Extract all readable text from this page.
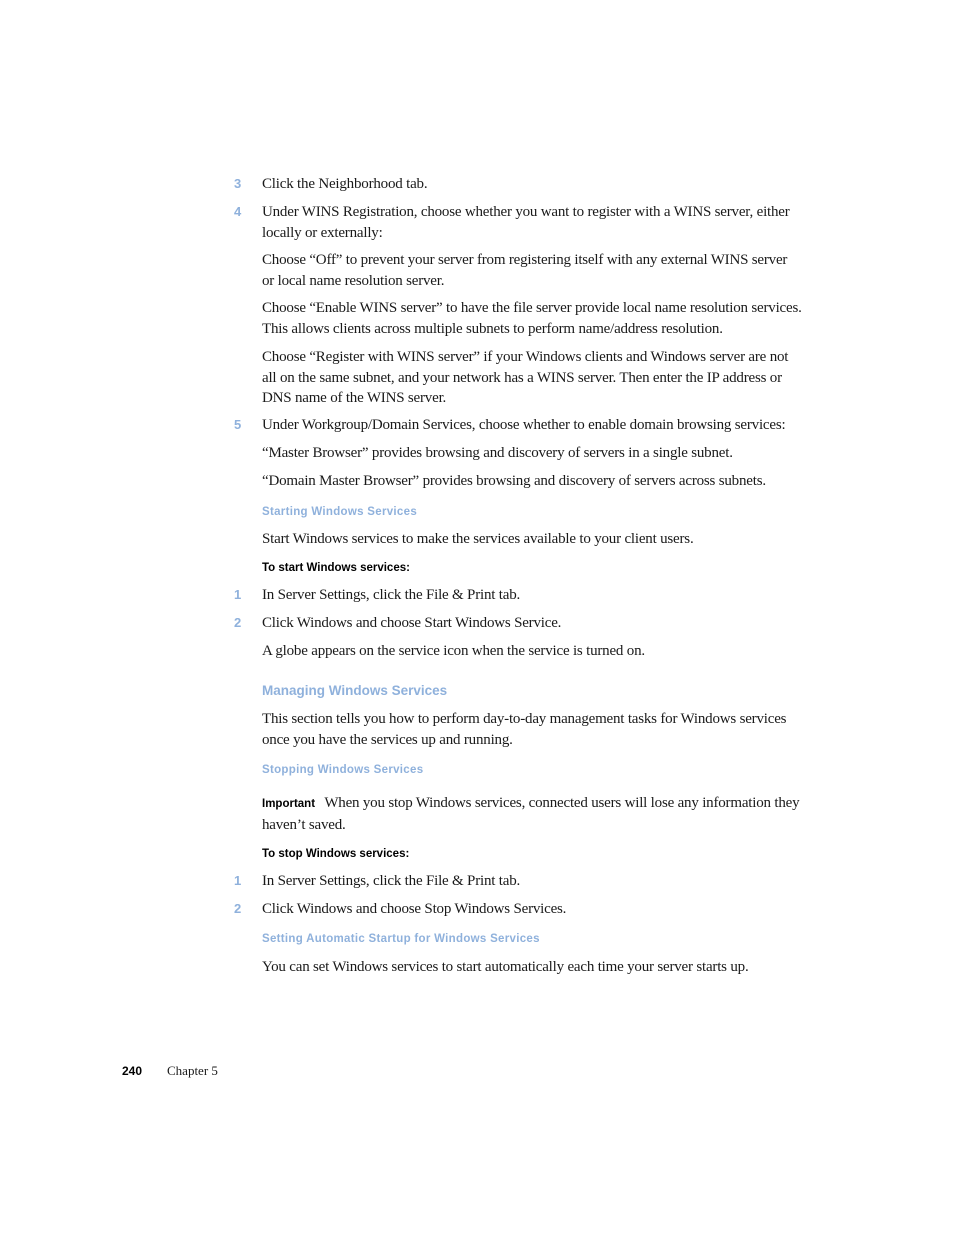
3 Click the Neighborhood tab.
4 Under WINS Registration, choose whether you want to register with a WINS server, either locally or externally:
Choose “Off” to prevent your server from registering itself with any external WINS server or local name resolution server.
Choose “Enable WINS server” to have the file server provide local name resolution services. This allows clients across multiple subnets to perform name/address resolution.
Choose “Register with WINS server” if your Windows clients and Windows server are not all on the same subnet, and your network has a WINS server. Then enter the IP address or DNS name of the WINS server.
5 Under Workgroup/Domain Services, choose whether to enable domain browsing services:
“Master Browser” provides browsing and discovery of servers in a single subnet.
“Domain Master Browser” provides browsing and discovery of servers across subnets.
Starting Windows Services
Start Windows services to make the services available to your client users.
To start Windows services:
1 In Server Settings, click the File & Print tab.
2 Click Windows and choose Start Windows Service.
A globe appears on the service icon when the service is turned on.
Managing Windows Services
This section tells you how to perform day-to-day management tasks for Windows services once you have the services up and running.
Stopping Windows Services
Important When you stop Windows services, connected users will lose any information they haven’t saved.
To stop Windows services:
1 In Server Settings, click the File & Print tab.
2 Click Windows and choose Stop Windows Services.
Setting Automatic Startup for Windows Services
You can set Windows services to start automatically each time your server starts up.
240 Chapter 5
